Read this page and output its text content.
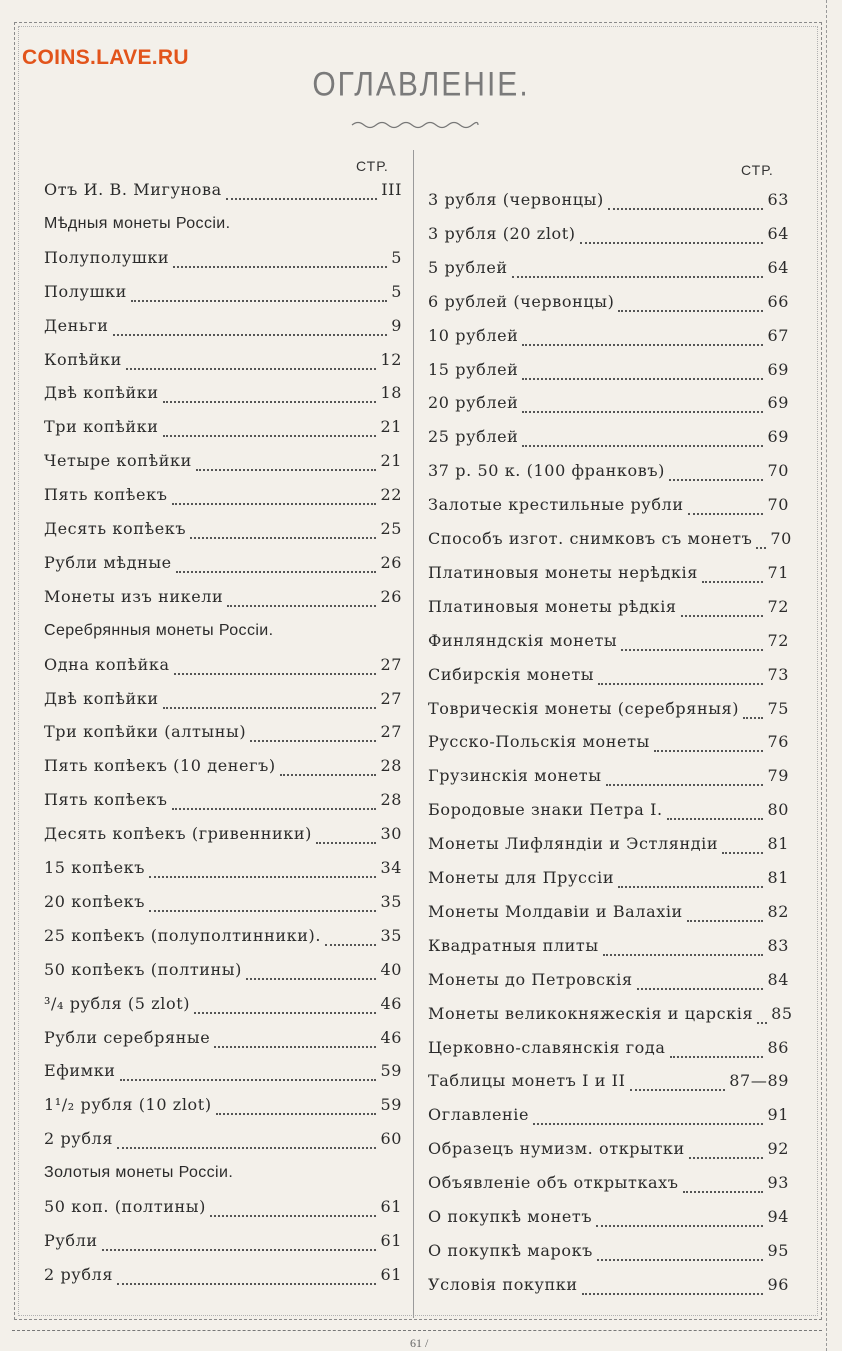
61 /
COINS.LAVE.RU
ОГЛАВЛЕНІЕ.
СТР.	СТР.
Отъ И. В. Мигунова	III
Мѣдныя монеты Россіи.
Полуполушки	5
Полушки	5
Деньги	9
Копѣйки	12
Двѣ копѣйки	18
Три копѣйки	21
Четыре копѣйки	21
Пять копѣекъ	22
Десять копѣекъ	25
Рубли мѣдные	26
Монеты изъ никели	26
Серебрянныя монеты Россіи.
Одна копѣйка	27
Двѣ копѣйки	27
Три копѣйки (алтыны)	27
Пять копѣекъ (10 денегъ)	28
Пять копѣекъ	28
Десять копѣекъ (гривенники)	30
15 копѣекъ	34
20 копѣекъ	35
25 копѣекъ (полуполтинники).	35
50 копѣекъ (полтины)	40
³/₄ рубля (5 zlot)	46
Рубли серебряные	46
Ефимки	59
1¹/₂ рубля (10 zlot)	59
2 рубля	60
Золотыя монеты Россіи.
50 коп. (полтины)	61
Рубли	61
2 рубля	61
3 рубля (червонцы)	63
3 рубля (20 zlot)	64
5 рублей	64
6 рублей (червонцы)	66
10 рублей	67
15 рублей	69
20 рублей	69
25 рублей	69
37 р. 50 к. (100 франковъ)	70
Залотые крестильные рубли	70
Способъ изгот. снимковъ съ монетъ 70
Платиновыя монеты нерѣдкія	71
Платиновыя монеты рѣдкія	72
Финляндскія монеты	72
Сибирскія монеты	73
Товрическія монеты (серебряныя) 75
Русско-Польскія монеты	76
Грузинскія монеты	79
Бородовые знаки Петра I.	80
Монеты Лифляндіи и Эстляндіи	81
Монеты для Пруссіи	81
Монеты Молдавіи и Валахіи	82
Квадратныя плиты	83
Монеты до Петровскія	84
Монеты великокняжескія и царскія 85
Церковно-славянскія года	86
Таблицы монетъ I и II	87—89
Оглавленіе	91
Образецъ нумизм. открытки	92
Объявленіе объ открыткахъ	93
О покупкѣ монетъ	94
О покупкѣ марокъ	95
Условія покупки	96
